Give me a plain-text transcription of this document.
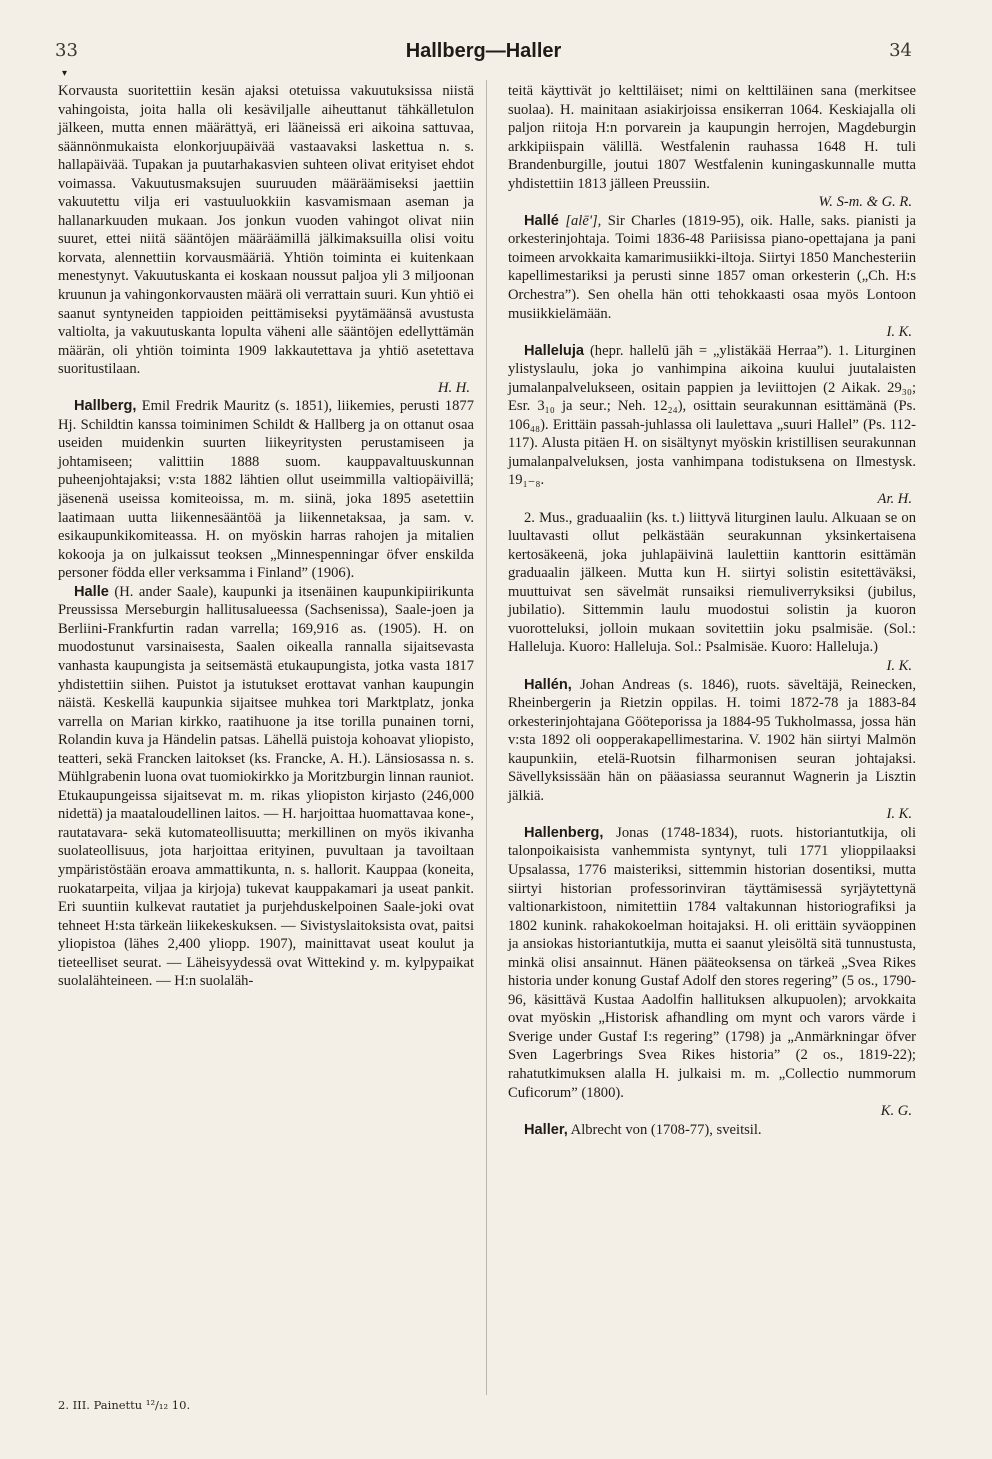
33	Hallberg—Haller	34
▾

Korvausta suoritettiin kesän ajaksi otetuissa vakuutuksissa niistä vahingoista, joita halla oli kesäviljalle aiheuttanut tähkälletulon jälkeen, mutta ennen määrättyä, eri lääneissä eri aikoina sattuvaa, säännönmukaista elonkorjuupäivää vastaavaksi laskettua n. s. hallapäivää. Tupakan ja puutarhakasvien suhteen olivat erityiset ehdot voimassa. Vakuutusmaksujen suuruuden määräämiseksi jaettiin vakuutettu vilja eri vastuuluokkiin kasvamismaan aseman ja hallanarkuuden mukaan. Jos jonkun vuoden vahingot olivat niin suuret, ettei niitä sääntöjen määräämillä jälkimaksuilla olisi voitu korvata, alennettiin korvausmääriä. Yhtiön toiminta ei kuitenkaan menestynyt. Vakuutuskanta ei koskaan noussut paljoa yli 3 miljoonan kruunun ja vahingonkorvausten määrä oli verrattain suuri. Kun yhtiö ei saanut syntyneiden tappioiden peittämiseksi pyytämäänsä avustusta valtiolta, ja vakuutuskanta lopulta väheni alle sääntöjen edellyttämän määrän, oli yhtiön toiminta 1909 lakkautettava ja yhtiö asetettava suoritustilaan.

H. H.

Hallberg, Emil Fredrik Mauritz (s. 1851), liikemies, perusti 1877 Hj. Schildtin kanssa toiminimen Schildt & Hallberg ja on ottanut osaa useiden muidenkin suurten liikeyritysten perustamiseen ja johtamiseen; valittiin 1888 suom. kauppavaltuuskunnan puheenjohtajaksi; v:sta 1882 lähtien ollut useimmilla valtiopäivillä; jäsenenä useissa komiteoissa, m. m. siinä, joka 1895 asetettiin laatimaan uutta liikennesääntöä ja liikennetaksaa, ja sam. v. esikaupunkikomiteassa. H. on myöskin harras rahojen ja mitalien kokooja ja on julkaissut teoksen „Minnespenningar öfver enskilda personer födda eller verksamma i Finland” (1906).

Halle (H. ander Saale), kaupunki ja itsenäinen kaupunkipiirikunta Preussissa Merseburgin hallitusalueessa (Sachsenissa), Saale-joen ja Berliini-Frankfurtin radan varrella; 169,916 as. (1905). H. on muodostunut varsinaisesta, Saalen oikealla rannalla sijaitsevasta vanhasta kaupungista ja seitsemästä etukaupungista, jotka vasta 1817 yhdistettiin siihen. Puistot ja istutukset erottavat vanhan kaupungin näistä. Keskellä kaupunkia sijaitsee muhkea tori Marktplatz, jonka varrella on Marian kirkko, raatihuone ja itse torilla punainen torni, Rolandin kuva ja Händelin patsas. Lähellä puistoja kohoavat yliopisto, teatteri, sekä Francken laitokset (ks. Francke, A. H.). Länsiosassa n. s. Mühlgrabenin luona ovat tuomiokirkko ja Moritzburgin linnan rauniot. Etukaupungeissa sijaitsevat m. m. rikas yliopiston kirjasto (246,000 nidettä) ja maataloudellinen laitos. — H. harjoittaa huomattavaa kone-, rautatavara- sekä kutomateollisuutta; merkillinen on myös ikivanha suolateollisuus, jota harjoittaa erityinen, puvultaan ja tavoiltaan ympäristöstään eroava ammattikunta, n. s. hallorit. Kauppaa (koneita, ruokatarpeita, viljaa ja kirjoja) tukevat kauppakamari ja useat pankit. Eri suuntiin kulkevat rautatiet ja purjehduskelpoinen Saale-joki ovat tehneet H:sta tärkeän liikekeskuksen. — Sivistyslaitoksista ovat, paitsi yliopistoa (lähes 2,400 yliopp. 1907), mainittavat useat koulut ja tieteelliset seurat. — Läheisyydessä ovat Wittekind y. m. kylpypaikat suolalähteineen. — H:n suolaläh-

teitä käyttivät jo kelttiläiset; nimi on kelttiläinen sana (merkitsee suolaa). H. mainitaan asiakirjoissa ensikerran 1064. Keskiajalla oli paljon riitoja H:n porvarein ja kaupungin herrojen, Magdeburgin arkkipiispain välillä. Westfalenin rauhassa 1648 H. tuli Brandenburgille, joutui 1807 Westfalenin kuningaskunnalle mutta yhdistettiin 1813 jälleen Preussiin.

W. S-m. & G. R.

Hallé [alē'], Sir Charles (1819-95), oik. Halle, saks. pianisti ja orkesterinjohtaja. Toimi 1836-48 Pariisissa piano-opettajana ja pani toimeen arvokkaita kamarimusiikki-iltoja. Siirtyi 1850 Manchesteriin kapellimestariksi ja perusti sinne 1857 oman orkesterin („Ch. H:s Orchestra”). Sen ohella hän otti tehokkaasti osaa myös Lontoon musiikkielämään.

I. K.

Halleluja (hepr. hallelū jāh = „ylistäkää Herraa”). 1. Liturginen ylistyslaulu, joka jo vanhimpina aikoina kuului juutalaisten jumalanpalvelukseen, ositain pappien ja leviittojen (2 Aikak. 29₃₀; Esr. 3₁₀ ja seur.; Neh. 12₂₄), osittain seurakunnan esittämänä (Ps. 106₄₈). Erittäin passah-juhlassa oli laulettava „suuri Hallel” (Ps. 112-117). Alusta pitäen H. on sisältynyt myöskin kristillisen seurakunnan jumalanpalveluksen, josta vanhimpana todistuksena on Ilmestysk. 19₁₋₈.

Ar. H.

2. Mus., graduaaliin (ks. t.) liittyvä liturginen laulu. Alkuaan se on luultavasti ollut pelkästään seurakunnan yksinkertaisena kertosäkeenä, joka juhlapäivinä laulettiin kanttorin esittämän graduaalin jälkeen. Mutta kun H. siirtyi solistin esitettäväksi, muuttuivat sen sävelmät runsaiksi riemuliverryksiksi (jubilus, jubilatio). Sittemmin laulu muodostui solistin ja kuoron vuorotteluksi, jolloin mukaan sovitettiin joku psalmisäe. (Sol.: Halleluja. Kuoro: Halleluja. Sol.: Psalmisäe. Kuoro: Halleluja.)

I. K.

Hallén, Johan Andreas (s. 1846), ruots. säveltäjä, Reinecken, Rheinbergerin ja Rietzin oppilas. H. toimi 1872-78 ja 1883-84 orkesterinjohtajana Gööteporissa ja 1884-95 Tukholmassa, jossa hän v:sta 1892 oli oopperakapellimestarina. V. 1902 hän siirtyi Malmön kaupunkiin, etelä-Ruotsin filharmonisen seuran johtajaksi. Sävellyksissään hän on pääasiassa seurannut Wagnerin ja Lisztin jälkiä.

I. K.

Hallenberg, Jonas (1748-1834), ruots. historiantutkija, oli talonpoikaisista vanhemmista syntynyt, tuli 1771 ylioppilaaksi Upsalassa, 1776 maisteriksi, sittemmin historian dosentiksi, mutta siirtyi historian professorinviran täyttämisessä syrjäytettynä valtionarkistoon, nimitettiin 1784 valtakunnan historiografiksi ja 1802 kunink. rahakokoelman hoitajaksi. H. oli erittäin syväoppinen ja ansiokas historiantutkija, mutta ei saanut yleisöltä sitä tunnustusta, minkä olisi ansainnut. Hänen pääteoksensa on tärkeä „Svea Rikes historia under konung Gustaf Adolf den stores regering” (5 os., 1790-96, käsittävä Kustaa Aadolfin hallituksen alkupuolen); arvokkaita ovat myöskin „Historisk afhandling om mynt och varors värde i Sverige under Gustaf I:s regering” (1798) ja „Anmärkningar öfver Sven Lagerbrings Svea Rikes historia” (2 os., 1819-22); rahatutkimuksen alalla H. julkaisi m. m. „Collectio nummorum Cuficorum” (1800).

K. G.

Haller, Albrecht von (1708-77), sveitsil.

2. III. Painettu ¹²/₁₂ 10.
